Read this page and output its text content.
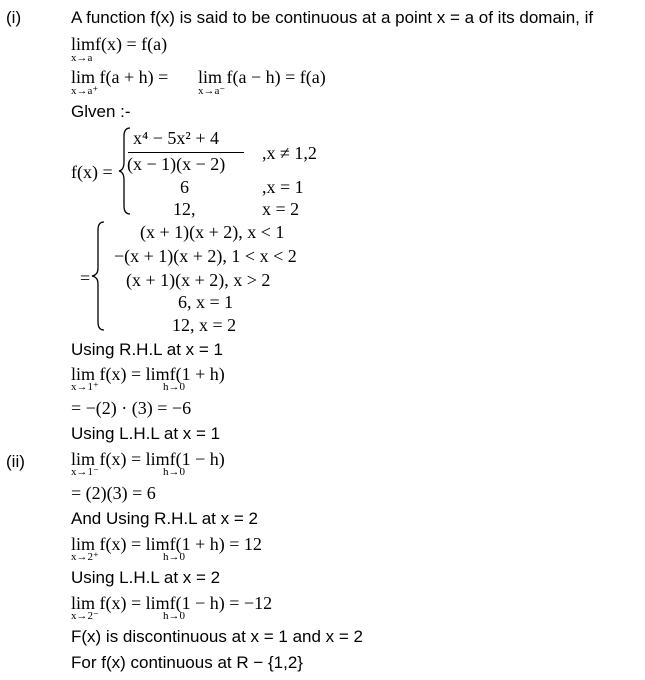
(i)
(ii)
A function f(x) is said to be continuous at a point x = a of its domain, if
limf(x) = f(a)
x→a
lim f(a + h) =
x→a⁺
lim f(a − h) = f(a)
x→a⁻
Glven :-
f(x) =
x⁴ − 5x² + 4
(x − 1)(x − 2)
,x ≠ 1,2
6	,x = 1
12,	x = 2
=
(x + 1)(x + 2), x < 1
−(x + 1)(x + 2), 1 < x < 2
(x + 1)(x + 2), x > 2
6, x = 1
12, x = 2
Using R.H.L at x = 1
lim f(x) = limf(1 + h)
x→1⁺	h→0
= −(2) · (3) = −6
Using L.H.L at x = 1
lim f(x) = limf(1 − h)
x→1⁻	h→0
= (2)(3) = 6
And Using R.H.L at x = 2
lim f(x) = limf(1 + h) = 12
x→2⁺	h→0
Using L.H.L at x = 2
lim f(x) = limf(1 − h) = −12
x→2⁻	h→0
F(x) is discontinuous at x = 1 and x = 2
For f(x) continuous at R − {1,2}
